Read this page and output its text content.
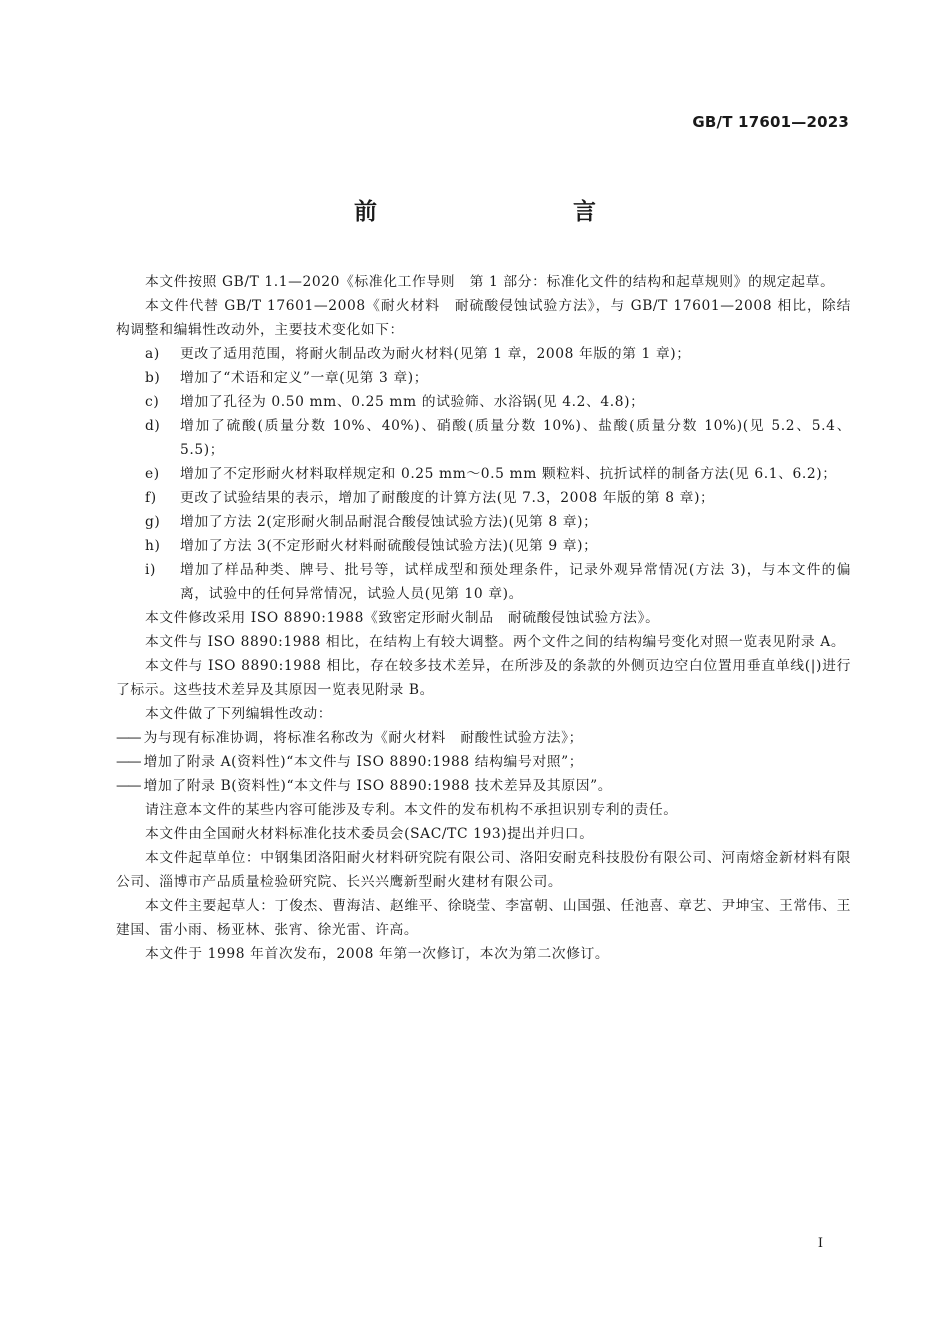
GB/T 17601—2023
前　　言

本文件按照 GB/T 1.1—2020《标准化工作导则　第 1 部分：标准化文件的结构和起草规则》的规定起草。

本文件代替 GB/T 17601—2008《耐火材料　耐硫酸侵蚀试验方法》，与 GB/T 17601—2008 相比，除结构调整和编辑性改动外，主要技术变化如下：

a)	更改了适用范围，将耐火制品改为耐火材料(见第 1 章，2008 年版的第 1 章)；
b)	增加了“术语和定义”一章(见第 3 章)；
c)	增加了孔径为 0.50 mm、0.25 mm 的试验筛、水浴锅(见 4.2、4.8)；
d)	增加了硫酸(质量分数 10%、40%)、硝酸(质量分数 10%)、盐酸(质量分数 10%)(见 5.2、5.4、5.5)；
e)	增加了不定形耐火材料取样规定和 0.25 mm～0.5 mm 颗粒料、抗折试样的制备方法(见 6.1、6.2)；
f)	更改了试验结果的表示，增加了耐酸度的计算方法(见 7.3，2008 年版的第 8 章)；
g)	增加了方法 2(定形耐火制品耐混合酸侵蚀试验方法)(见第 8 章)；
h)	增加了方法 3(不定形耐火材料耐硫酸侵蚀试验方法)(见第 9 章)；
i)	增加了样品种类、牌号、批号等，试样成型和预处理条件，记录外观异常情况(方法 3)，与本文件的偏离，试验中的任何异常情况，试验人员(见第 10 章)。

本文件修改采用 ISO 8890:1988《致密定形耐火制品　耐硫酸侵蚀试验方法》。

本文件与 ISO 8890:1988 相比，在结构上有较大调整。两个文件之间的结构编号变化对照一览表见附录 A。

本文件与 ISO 8890:1988 相比，存在较多技术差异，在所涉及的条款的外侧页边空白位置用垂直单线(|)进行了标示。这些技术差异及其原因一览表见附录 B。

本文件做了下列编辑性改动：

—— 为与现有标准协调，将标准名称改为《耐火材料　耐酸性试验方法》；

—— 增加了附录 A(资料性)“本文件与 ISO 8890:1988 结构编号对照”；

—— 增加了附录 B(资料性)“本文件与 ISO 8890:1988 技术差异及其原因”。

请注意本文件的某些内容可能涉及专利。本文件的发布机构不承担识别专利的责任。

本文件由全国耐火材料标准化技术委员会(SAC/TC 193)提出并归口。

本文件起草单位：中钢集团洛阳耐火材料研究院有限公司、洛阳安耐克科技股份有限公司、河南熔金新材料有限公司、淄博市产品质量检验研究院、长兴兴鹰新型耐火建材有限公司。

本文件主要起草人：丁俊杰、曹海洁、赵维平、徐晓莹、李富朝、山国强、任池喜、章艺、尹坤宝、王常伟、王建国、雷小雨、杨亚林、张宵、徐光雷、许高。

本文件于 1998 年首次发布，2008 年第一次修订，本次为第二次修订。

I
